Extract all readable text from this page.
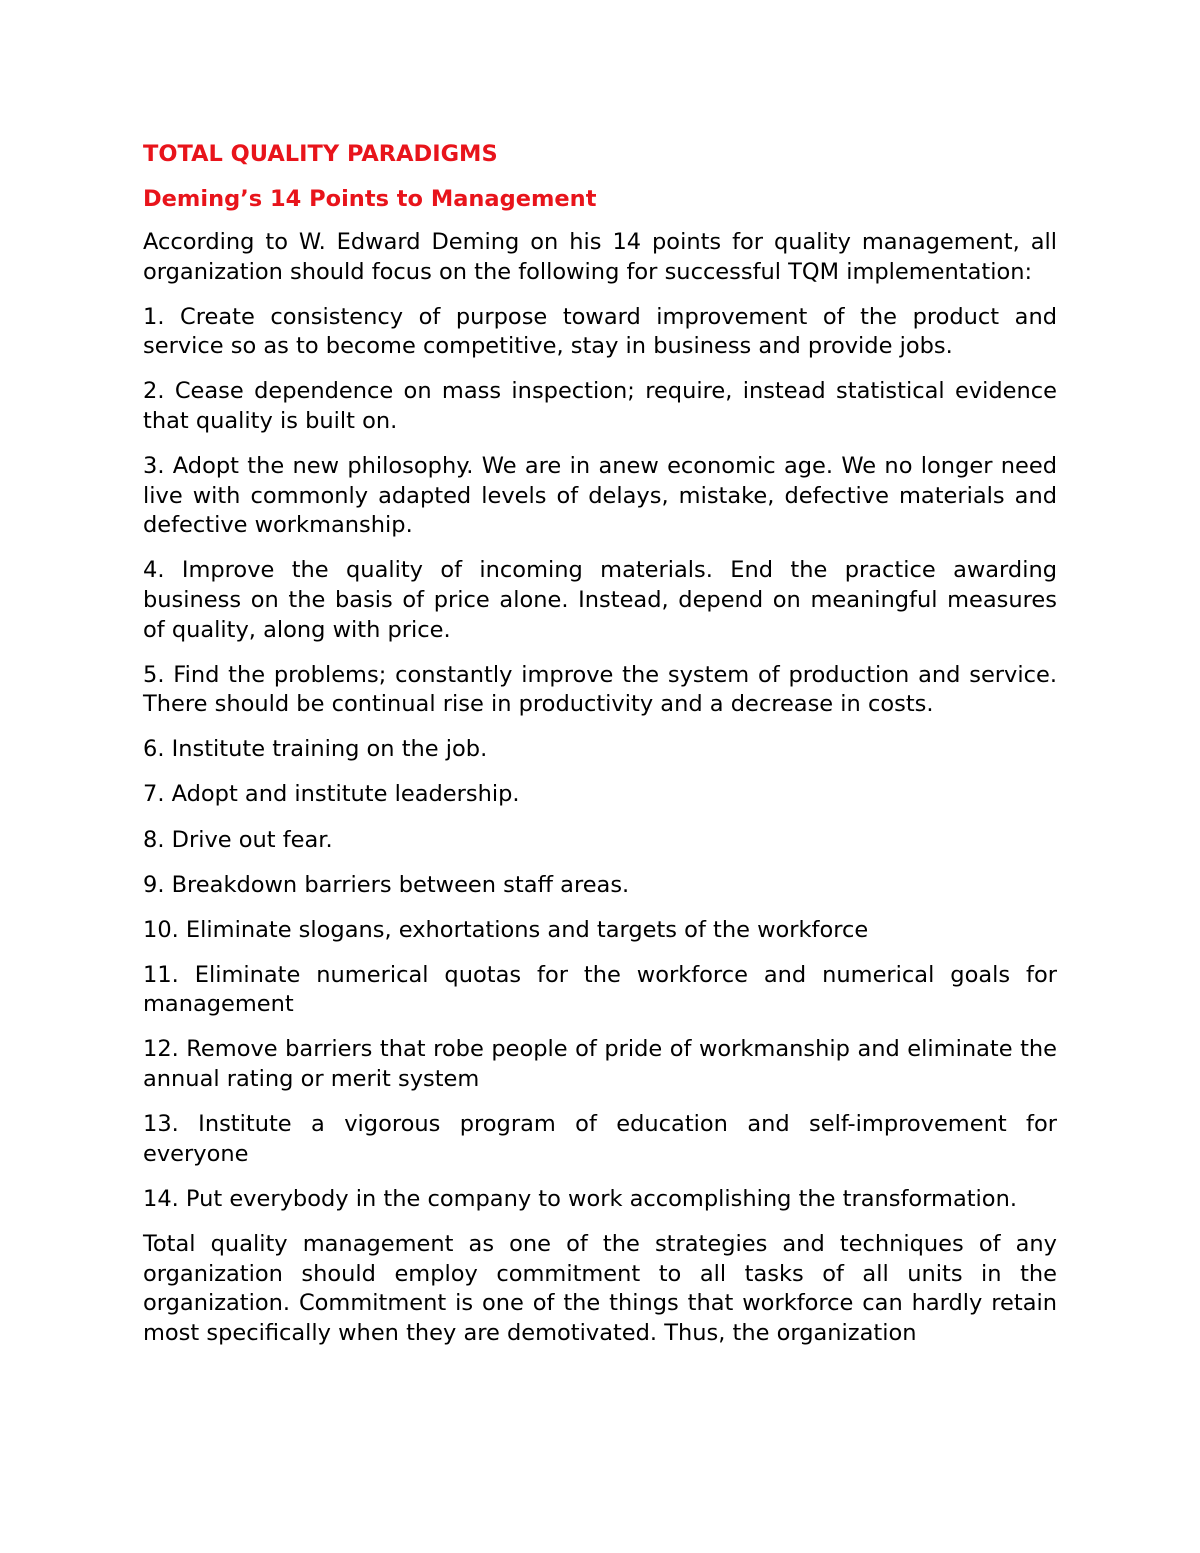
TOTAL QUALITY PARADIGMS
Deming’s 14 Points to Management

According to W. Edward Deming on his 14 points for quality management, all organization should focus on the following for successful TQM implementation:

1. Create consistency of purpose toward improvement of the product and service so as to become competitive, stay in business and provide jobs.

2. Cease dependence on mass inspection; require, instead statistical evidence that quality is built on.

3. Adopt the new philosophy. We are in anew economic age. We no longer need live with commonly adapted levels of delays, mistake, defective materials and defective workmanship.

4. Improve the quality of incoming materials. End the practice awarding business on the basis of price alone. Instead, depend on meaningful measures of quality, along with price.

5. Find the problems; constantly improve the system of production and service. There should be continual rise in productivity and a decrease in costs.

6. Institute training on the job.

7. Adopt and institute leadership.

8. Drive out fear.

9. Breakdown barriers between staff areas.

10. Eliminate slogans, exhortations and targets of the workforce

11. Eliminate numerical quotas for the workforce and numerical goals for management

12. Remove barriers that robe people of pride of workmanship and eliminate the annual rating or merit system

13. Institute a vigorous program of education and self-improvement for everyone

14. Put everybody in the company to work accomplishing the transformation.

Total quality management as one of the strategies and techniques of any organization should employ commitment to all tasks of all units in the organization. Commitment is one of the things that workforce can hardly retain most specifically when they are demotivated. Thus, the organization
